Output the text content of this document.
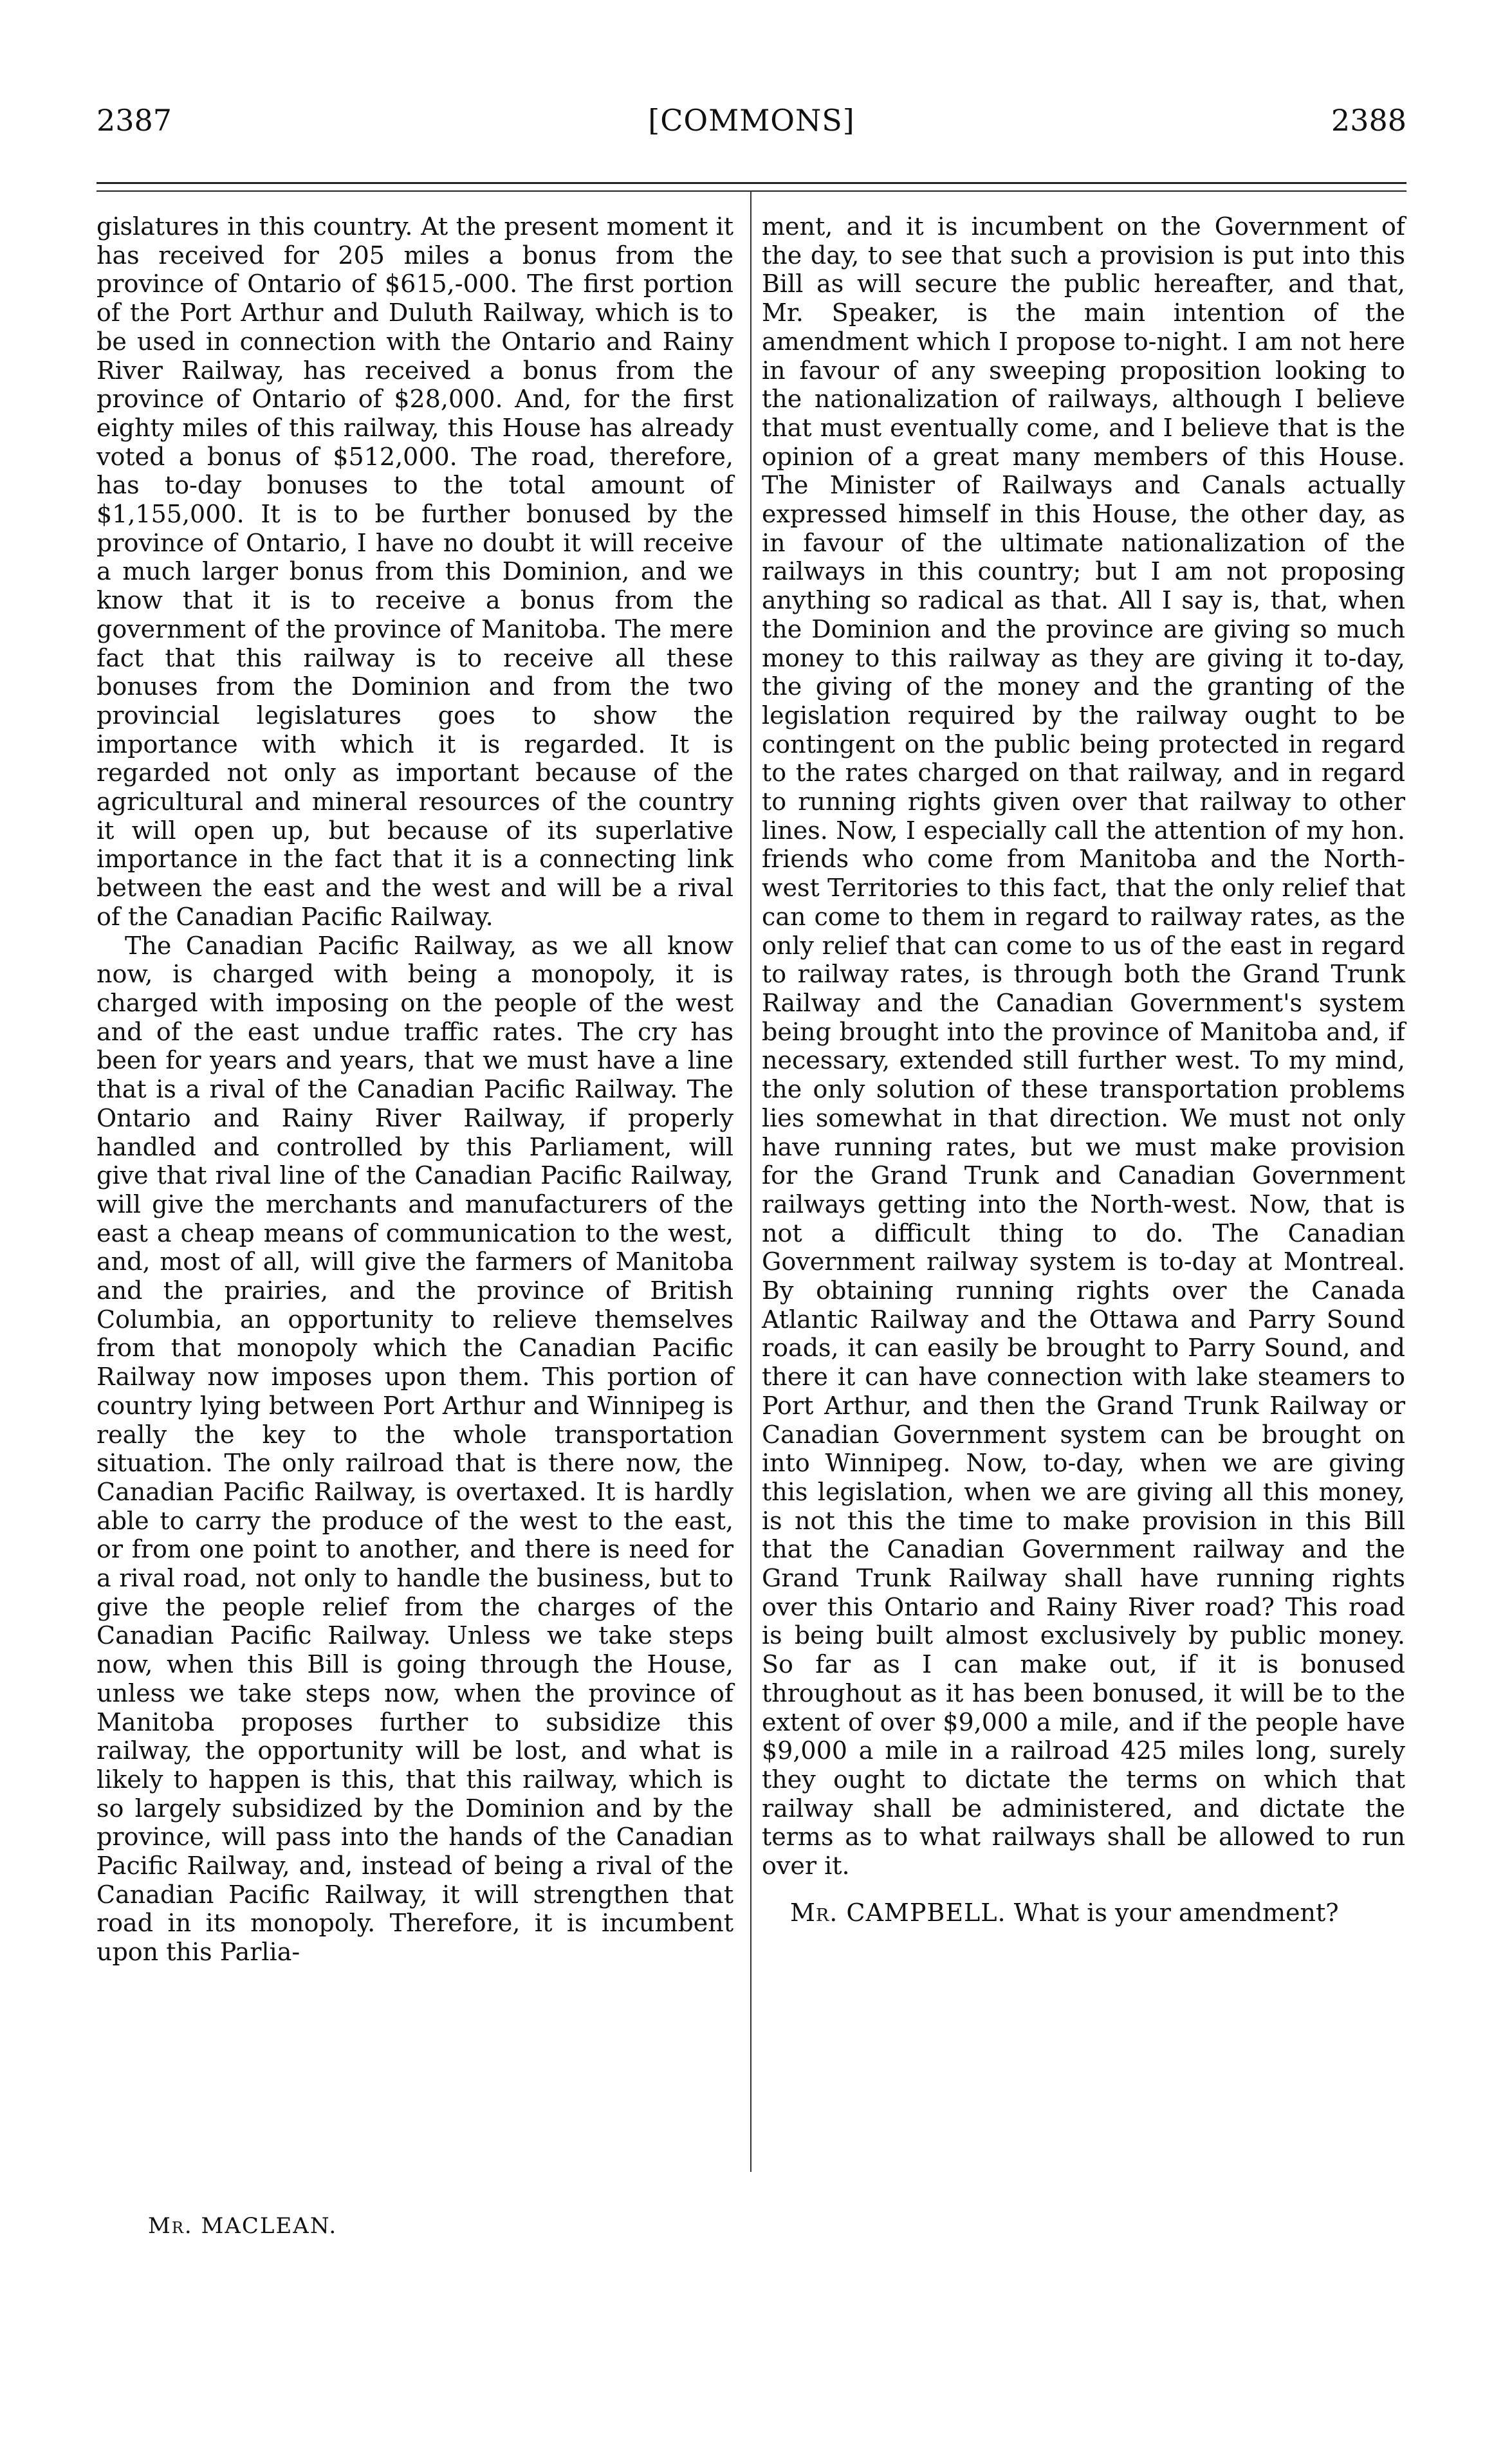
2387	[COMMONS]	2388

gislatures in this country. At the present moment it has received for 205 miles a bonus from the province of Ontario of $615,-000. The first portion of the Port Arthur and Duluth Railway, which is to be used in connection with the Ontario and Rainy River Railway, has received a bonus from the province of Ontario of $28,000. And, for the first eighty miles of this railway, this House has already voted a bonus of $512,000. The road, therefore, has to-day bonuses to the total amount of $1,155,000. It is to be further bonused by the province of Ontario, I have no doubt it will receive a much larger bonus from this Dominion, and we know that it is to receive a bonus from the government of the province of Manitoba. The mere fact that this railway is to receive all these bonuses from the Dominion and from the two provincial legislatures goes to show the importance with which it is regarded. It is regarded not only as important because of the agricultural and mineral resources of the country it will open up, but because of its superlative importance in the fact that it is a connecting link between the east and the west and will be a rival of the Canadian Pacific Railway.

The Canadian Pacific Railway, as we all know now, is charged with being a monopoly, it is charged with imposing on the people of the west and of the east undue traffic rates. The cry has been for years and years, that we must have a line that is a rival of the Canadian Pacific Railway. The Ontario and Rainy River Railway, if properly handled and controlled by this Parliament, will give that rival line of the Canadian Pacific Railway, will give the merchants and manufacturers of the east a cheap means of communication to the west, and, most of all, will give the farmers of Manitoba and the prairies, and the province of British Columbia, an opportunity to relieve themselves from that monopoly which the Canadian Pacific Railway now imposes upon them. This portion of country lying between Port Arthur and Winnipeg is really the key to the whole transportation situation. The only railroad that is there now, the Canadian Pacific Railway, is overtaxed. It is hardly able to carry the produce of the west to the east, or from one point to another, and there is need for a rival road, not only to handle the business, but to give the people relief from the charges of the Canadian Pacific Railway. Unless we take steps now, when this Bill is going through the House, unless we take steps now, when the province of Manitoba proposes further to subsidize this railway, the opportunity will be lost, and what is likely to happen is this, that this railway, which is so largely subsidized by the Dominion and by the province, will pass into the hands of the Canadian Pacific Railway, and, instead of being a rival of the Canadian Pacific Railway, it will strengthen that road in its monopoly. Therefore, it is incumbent upon this Parlia-

ment, and it is incumbent on the Government of the day, to see that such a provision is put into this Bill as will secure the public hereafter, and that, Mr. Speaker, is the main intention of the amendment which I propose to-night. I am not here in favour of any sweeping proposition looking to the nationalization of railways, although I believe that must eventually come, and I believe that is the opinion of a great many members of this House. The Minister of Railways and Canals actually expressed himself in this House, the other day, as in favour of the ultimate nationalization of the railways in this country; but I am not proposing anything so radical as that. All I say is, that, when the Dominion and the province are giving so much money to this railway as they are giving it to-day, the giving of the money and the granting of the legislation required by the railway ought to be contingent on the public being protected in regard to the rates charged on that railway, and in regard to running rights given over that railway to other lines. Now, I especially call the attention of my hon. friends who come from Manitoba and the North-west Territories to this fact, that the only relief that can come to them in regard to railway rates, as the only relief that can come to us of the east in regard to railway rates, is through both the Grand Trunk Railway and the Canadian Government's system being brought into the province of Manitoba and, if necessary, extended still further west. To my mind, the only solution of these transportation problems lies somewhat in that direction. We must not only have running rates, but we must make provision for the Grand Trunk and Canadian Government railways getting into the North-west. Now, that is not a difficult thing to do. The Canadian Government railway system is to-day at Montreal. By obtaining running rights over the Canada Atlantic Railway and the Ottawa and Parry Sound roads, it can easily be brought to Parry Sound, and there it can have connection with lake steamers to Port Arthur, and then the Grand Trunk Railway or Canadian Government system can be brought on into Winnipeg. Now, to-day, when we are giving this legislation, when we are giving all this money, is not this the time to make provision in this Bill that the Canadian Government railway and the Grand Trunk Railway shall have running rights over this Ontario and Rainy River road? This road is being built almost exclusively by public money. So far as I can make out, if it is bonused throughout as it has been bonused, it will be to the extent of over $9,000 a mile, and if the people have $9,000 a mile in a railroad 425 miles long, surely they ought to dictate the terms on which that railway shall be administered, and dictate the terms as to what railways shall be allowed to run over it.

Mr. CAMPBELL. What is your amendment?

Mr. MACLEAN.
